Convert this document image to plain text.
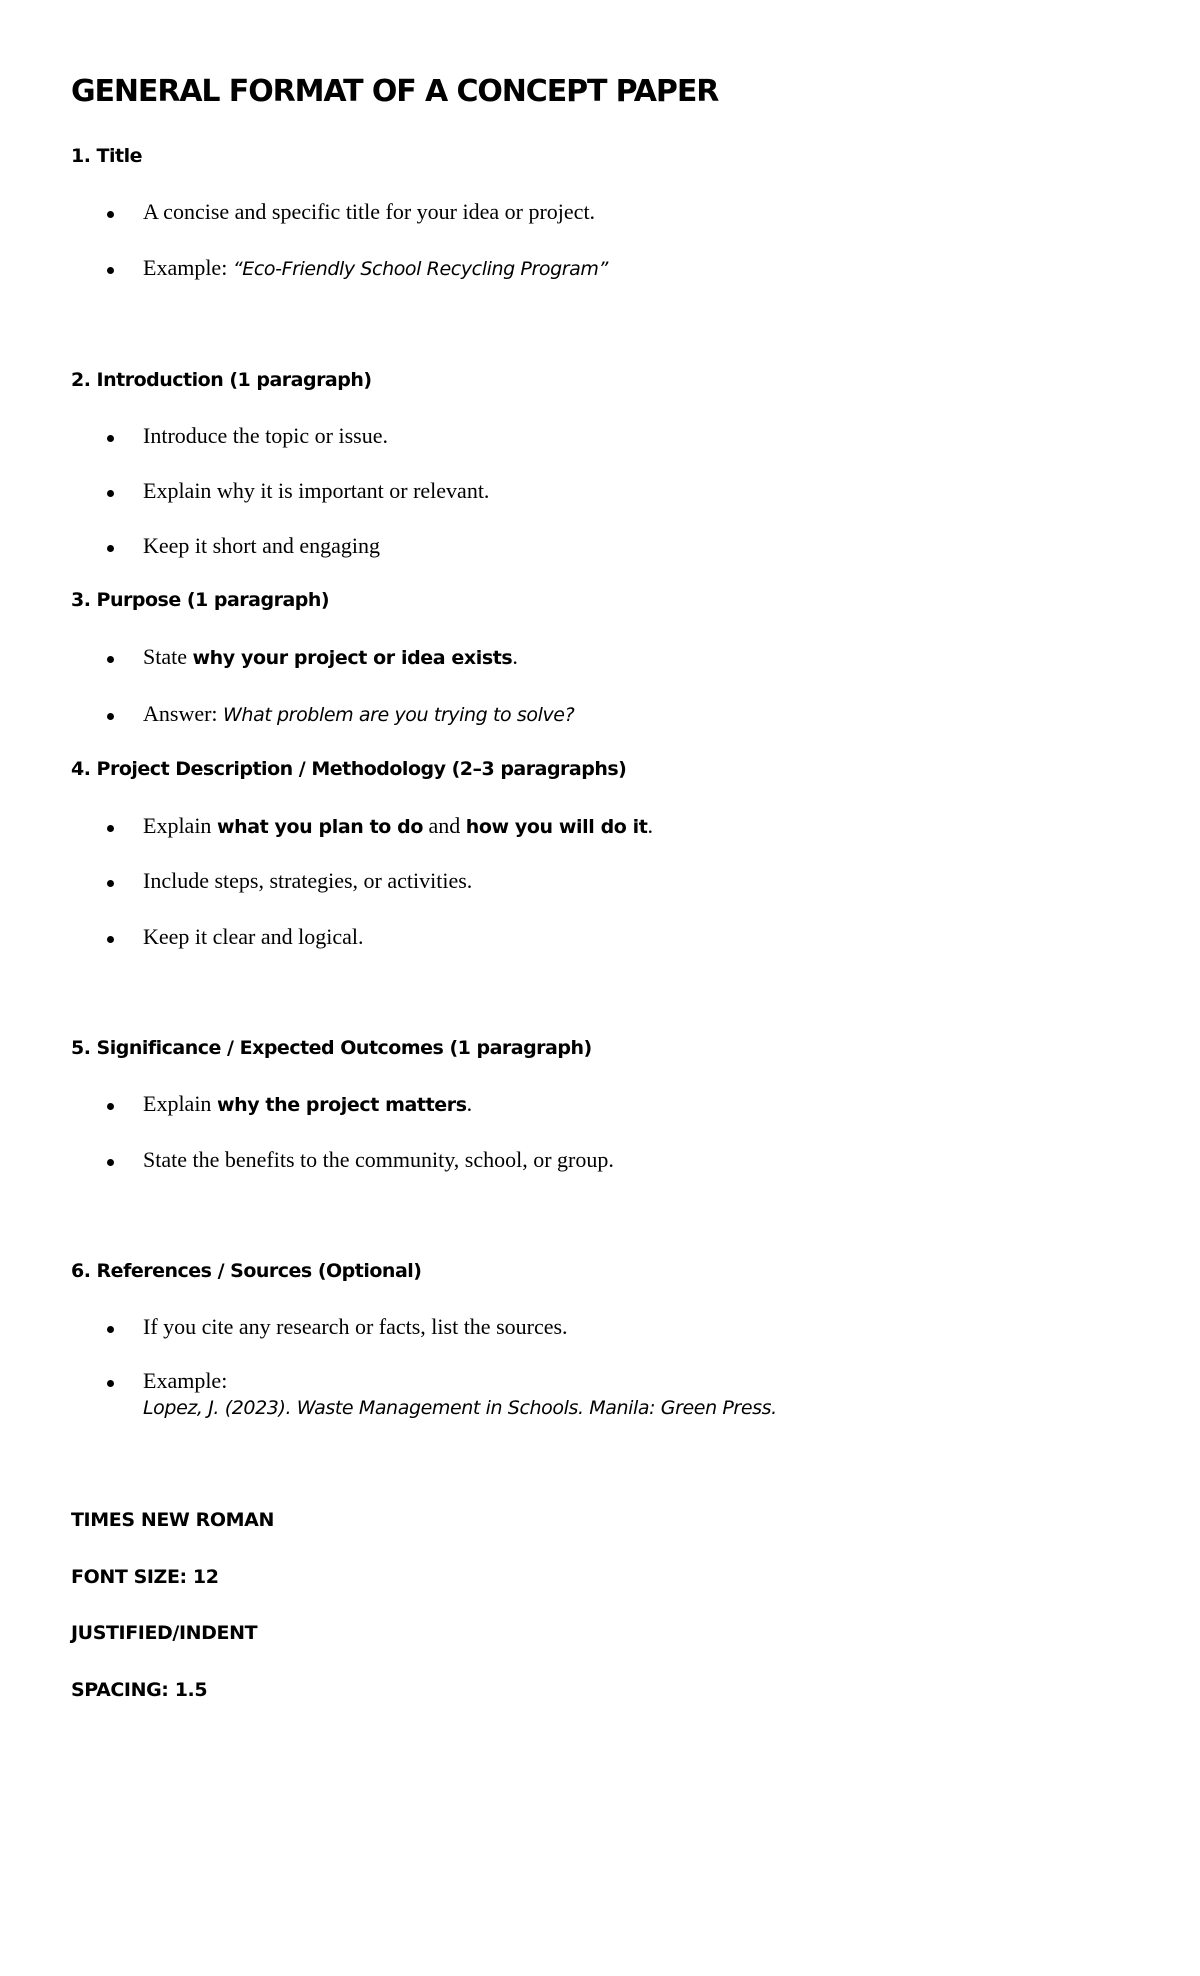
GENERAL FORMAT OF A CONCEPT PAPER
1. Title
A concise and specific title for your idea or project.
Example: “Eco-Friendly School Recycling Program”
2. Introduction (1 paragraph)
Introduce the topic or issue.
Explain why it is important or relevant.
Keep it short and engaging
3. Purpose (1 paragraph)
State why your project or idea exists.
Answer: What problem are you trying to solve?
4. Project Description / Methodology (2–3 paragraphs)
Explain what you plan to do and how you will do it.
Include steps, strategies, or activities.
Keep it clear and logical.
5. Significance / Expected Outcomes (1 paragraph)
Explain why the project matters.
State the benefits to the community, school, or group.
6. References / Sources (Optional)
If you cite any research or facts, list the sources.
Example:
Lopez, J. (2023). Waste Management in Schools. Manila: Green Press.
TIMES NEW ROMAN
FONT SIZE: 12
JUSTIFIED/INDENT
SPACING: 1.5
